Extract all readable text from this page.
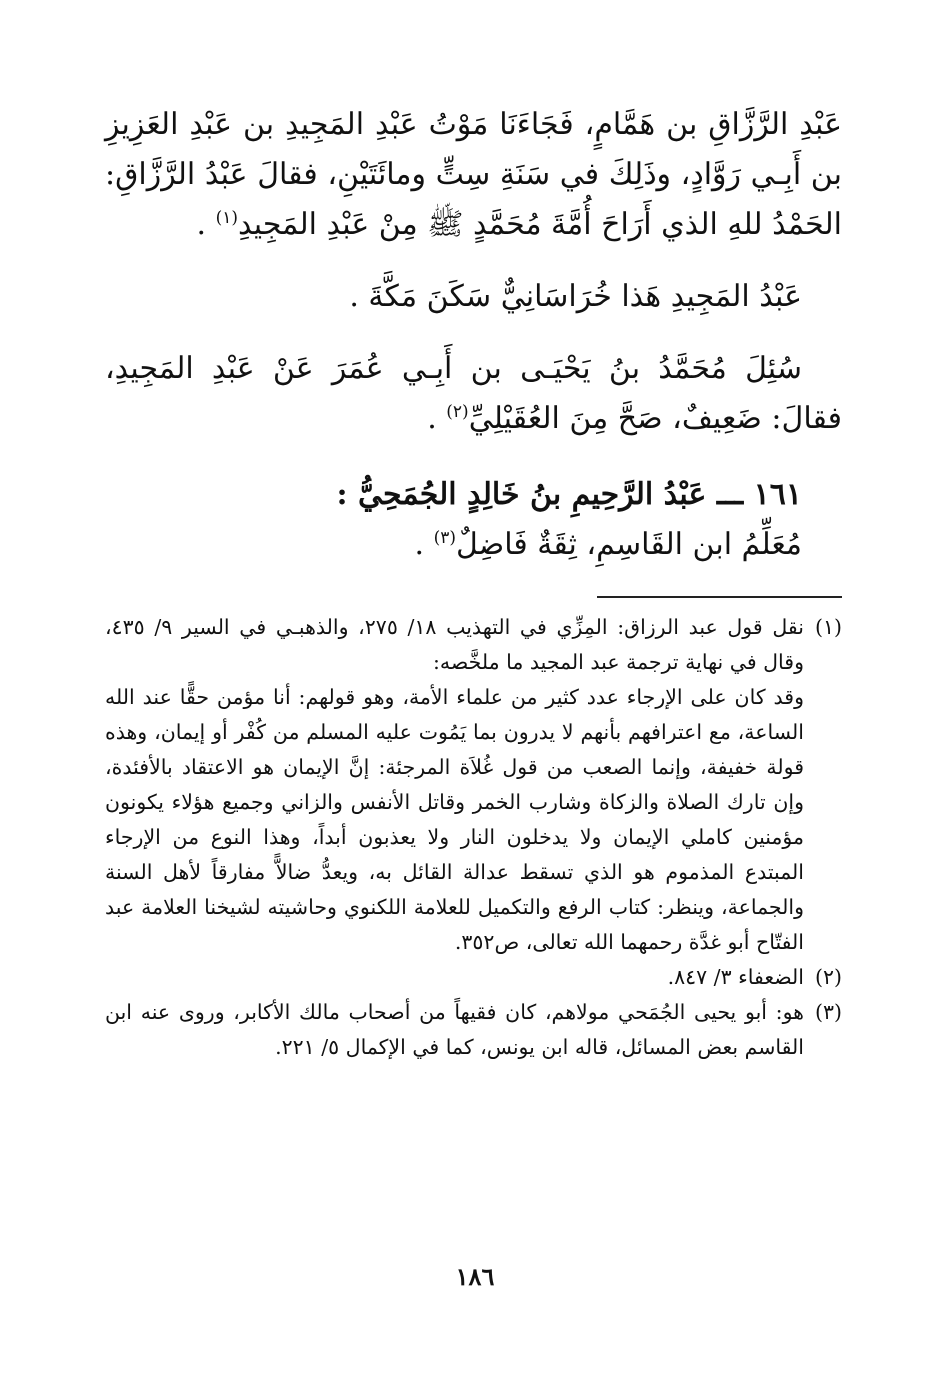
عَبْدِ الرَّزَّاقِ بن هَمَّامٍ، فَجَاءَنَا مَوْتُ عَبْدِ المَجِيدِ بن عَبْدِ العَزِيزِ بن أَبِـي رَوَّادٍ، وذَلِكَ في سَنَةِ سِتٍّ ومائَتَيْنِ، فقالَ عَبْدُ الرَّزَّاقِ: الحَمْدُ للهِ الذي أَرَاحَ أُمَّةَ مُحَمَّدٍ ﷺ مِنْ عَبْدِ المَجِيدِ$^{(١)}$ .

عَبْدُ المَجِيدِ هَذا خُرَاسَانِيٌّ سَكَنَ مَكَّةَ .

سُئِلَ مُحَمَّدُ بنُ يَحْيَـى بن أَبِـي عُمَرَ عَنْ عَبْدِ المَجِيدِ، فقالَ: ضَعِيفٌ، صَحَّ مِنَ العُقَيْلِيِّ$^{(٢)}$ .

١٦١ ـــ عَبْدُ الرَّحِيمِ بنُ خَالِدٍ الجُمَحِيُّ :

مُعَلِّمُ ابن القَاسِمِ، ثِقَةٌ فَاضِلٌ$^{(٣)}$ .

(١)

نقل قول عبد الرزاق: المِزِّي في التهذيب ١٨/ ٢٧٥، والذهبـي في السير ٩/ ٤٣٥، وقال في نهاية ترجمة عبد المجيد ما ملخَّصه:

وقد كان على الإرجاء عدد كثير من علماء الأمة، وهو قولهم: أنا مؤمن حقًّا عند الله الساعة، مع اعترافهم بأنهم لا يدرون بما يَمُوت عليه المسلم من كُفْر أو إيمان، وهذه قولة خفيفة، وإنما الصعب من قول غُلاَة المرجئة: إنَّ الإيمان هو الاعتقاد بالأفئدة، وإن تارك الصلاة والزكاة وشارب الخمر وقاتل الأنفس والزاني وجميع هؤلاء يكونون مؤمنين كاملي الإيمان ولا يدخلون النار ولا يعذبون أبداً، وهذا النوع من الإرجاء المبتدع المذموم هو الذي تسقط عدالة القائل به، ويعدُّ ضالاًّ مفارقاً لأهل السنة والجماعة، وينظر: كتاب الرفع والتكميل للعلامة اللكنوي وحاشيته لشيخنا العلامة عبد الفتّاح أبو غدَّة رحمهما الله تعالى، ص٣٥٢.

(٢)
الضعفاء ٣/ ٨٤٧.
(٣)
هو: أبو يحيى الجُمَحي مولاهم، كان فقيهاً من أصحاب مالك الأكابر، وروى عنه ابن القاسم بعض المسائل، قاله ابن يونس، كما في الإكمال ٥/ ٢٢١.
١٨٦
